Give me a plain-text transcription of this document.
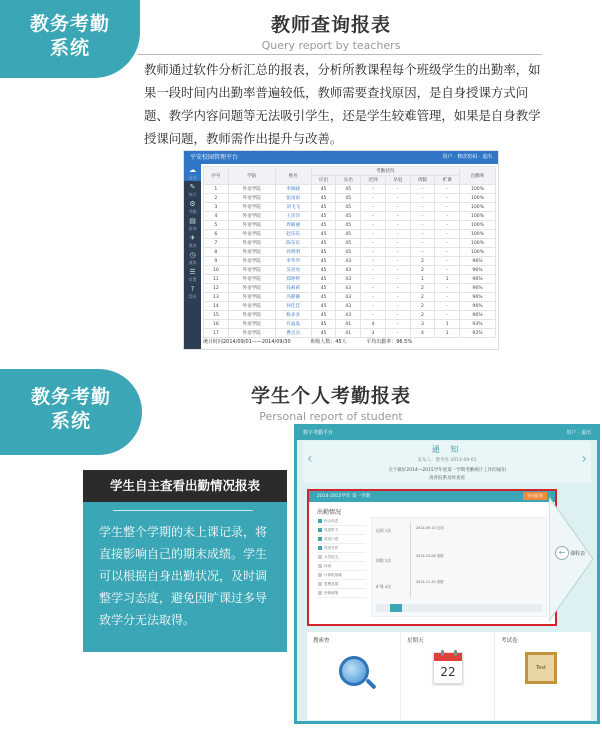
教务考勤
系统
教师查询报表
Query report by teachers
教师通过软件分析汇总的报表，分析所教课程每个班级学生的出勤率，如果一段时间内出勤率普遍较低，教师需要查找原因，是自身授课方式问题、教学内容问题等无法吸引学生，还是学生较难管理，如果是自身教学授课问题，教师需作出提升与改善。
平安校园管理平台	用户 · 修改密码 · 退出
☁
报表
✎
统计
⚙
考勤
▤
查询
✈
课表
◷
通知
☰
设置
?
帮助
序号	学院	姓名	考勤状况						出勤率
			应出	实出	迟到	早退	请假	旷课	
1	外语学院	李晓晓	45	45	-	-	-	-	100%
2	外语学院	张雨雨	45	45	-	-	-	-	100%
3	外语学院	刘飞飞	45	45	-	-	-	-	100%
4	外语学院	王洋洋	45	45	-	-	-	-	100%
5	外语学院	周丽丽	45	45	-	-	-	-	100%
6	外语学院	赵乐乐	45	45	-	-	-	-	100%
7	外语学院	陈东东	45	45	-	-	-	-	100%
8	外语学院	孙明明	45	45	-	-	-	-	100%
9	外语学院	李华华	45	43	-	-	2	-	96%
10	外语学院	吴亮亮	45	43	-	-	2	-	96%
11	外语学院	郑婷婷	45	43	-	-	1	1	96%
12	外语学院	钱莉莉	45	43	-	-	2	-	96%
13	外语学院	冯静静	45	43	-	-	2	-	96%
14	外语学院	何佳佳	45	43	-	-	2	-	96%
15	外语学院	杨多多	45	43	-	-	2	-	96%
16	外语学院	许晶晶	45	41	4	-	3	1	93%
17	外语学院	曹点点	45	41	3	-	4	1	92%
统计时间2014/09/01——2014/09/30	班级人数：45人	平均出勤率：96.5%
教务考勤
系统
学生个人考勤报表
Personal report of student
学生自主查看出勤情况报表
学生整个学期的未上课记录，将直接影响自己的期末成绩。学生可以根据自身出勤状况，及时调整学习态度，避免因旷课过多导致学分无法取得。
数字考勤平台	用户 · 退出
‹	›
通 知
发布人：教务处 2014-09-01
关于做好2014—2015学年度第一学期考勤统计工作的通知
请各院系及时查看
2014-2015学年 第一学期	导出报表
出勤情况
综合英语
英语听力
英语口语
英语写作
大学语文
体育
计算机基础
思想品德
形势政策
迟到 1次
请假 2次
旷课 0次
2014-09-15 迟到
2014-10-08 请假
2014-11-20 请假
← 课程表
搜索查	星期天
22
考试卷
Test
